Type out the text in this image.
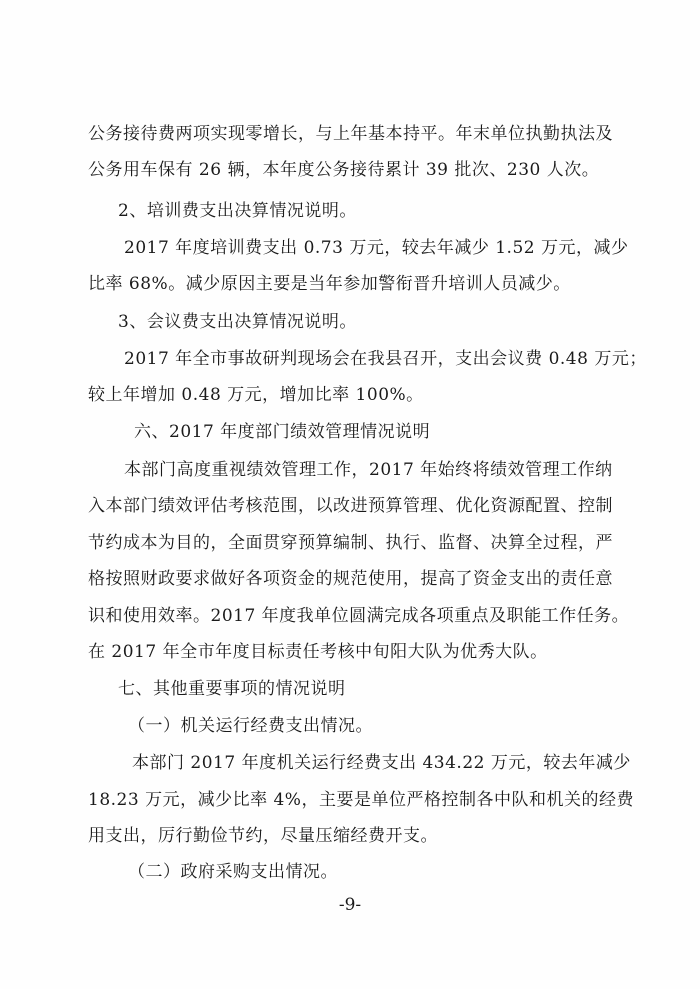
公务接待费两项实现零增长，与上年基本持平。年末单位执勤执法及
公务用车保有 26 辆，本年度公务接待累计 39 批次、230 人次。
2、培训费支出决算情况说明。
2017 年度培训费支出 0.73 万元，较去年减少 1.52 万元，减少
比率 68%。减少原因主要是当年参加警衔晋升培训人员减少。
3、会议费支出决算情况说明。
2017 年全市事故研判现场会在我县召开，支出会议费 0.48 万元；
较上年增加 0.48 万元，增加比率 100%。
六、2017 年度部门绩效管理情况说明
本部门高度重视绩效管理工作，2017 年始终将绩效管理工作纳
入本部门绩效评估考核范围，以改进预算管理、优化资源配置、控制
节约成本为目的，全面贯穿预算编制、执行、监督、决算全过程，严
格按照财政要求做好各项资金的规范使用，提高了资金支出的责任意
识和使用效率。2017 年度我单位圆满完成各项重点及职能工作任务。
在 2017 年全市年度目标责任考核中旬阳大队为优秀大队。
七、其他重要事项的情况说明
（一）机关运行经费支出情况。
本部门 2017 年度机关运行经费支出 434.22 万元，较去年减少
18.23 万元，减少比率 4%，主要是单位严格控制各中队和机关的经费
用支出，厉行勤俭节约，尽量压缩经费开支。
（二）政府采购支出情况。
-9-
